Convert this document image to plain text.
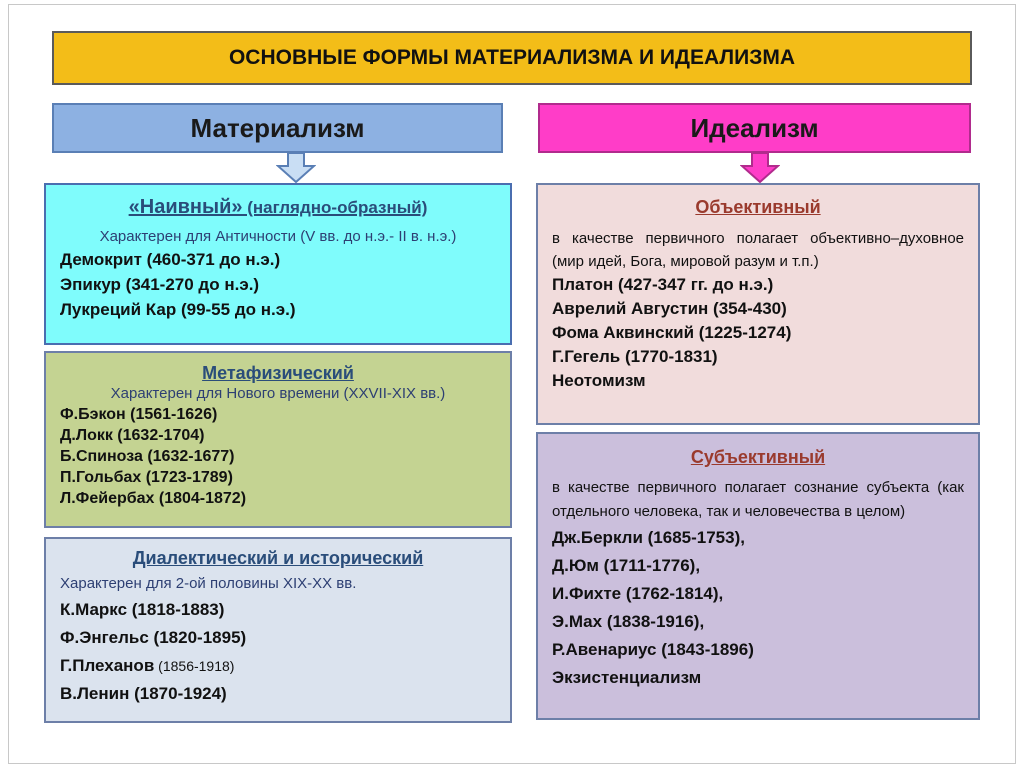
ОСНОВНЫЕ ФОРМЫ МАТЕРИАЛИЗМА И ИДЕАЛИЗМА
Материализм	Идеализм
«Наивный» (наглядно-образный)
Характерен для Античности (V вв. до н.э.- II в. н.э.)
Демокрит (460-371 до н.э.)
Эпикур (341-270 до н.э.)
Лукреций Кар (99-55 до н.э.)
Метафизический
Характерен для Нового времени (XXVII-XIX вв.)
Ф.Бэкон (1561-1626)
Д.Локк (1632-1704)
Б.Спиноза (1632-1677)
П.Гольбах (1723-1789)
Л.Фейербах (1804-1872)
Диалектический и исторический
Характерен для 2-ой половины XIX-XX вв.
К.Маркс (1818-1883)
Ф.Энгельс (1820-1895)
Г.Плеханов (1856-1918)
В.Ленин (1870-1924)
Объективный
в качестве первичного полагает объективно–духовное (мир идей, Бога, мировой разум и т.п.)
Платон (427-347 гг. до н.э.)
Аврелий Августин (354-430)
Фома Аквинский (1225-1274)
Г.Гегель (1770-1831)
Неотомизм
Субъективный
в качестве первичного полагает сознание субъекта (как отдельного человека, так и человечества в целом)
Дж.Беркли (1685-1753),
Д.Юм (1711-1776),
И.Фихте (1762-1814),
Э.Мах (1838-1916),
Р.Авенариус (1843-1896)
Экзистенциализм
